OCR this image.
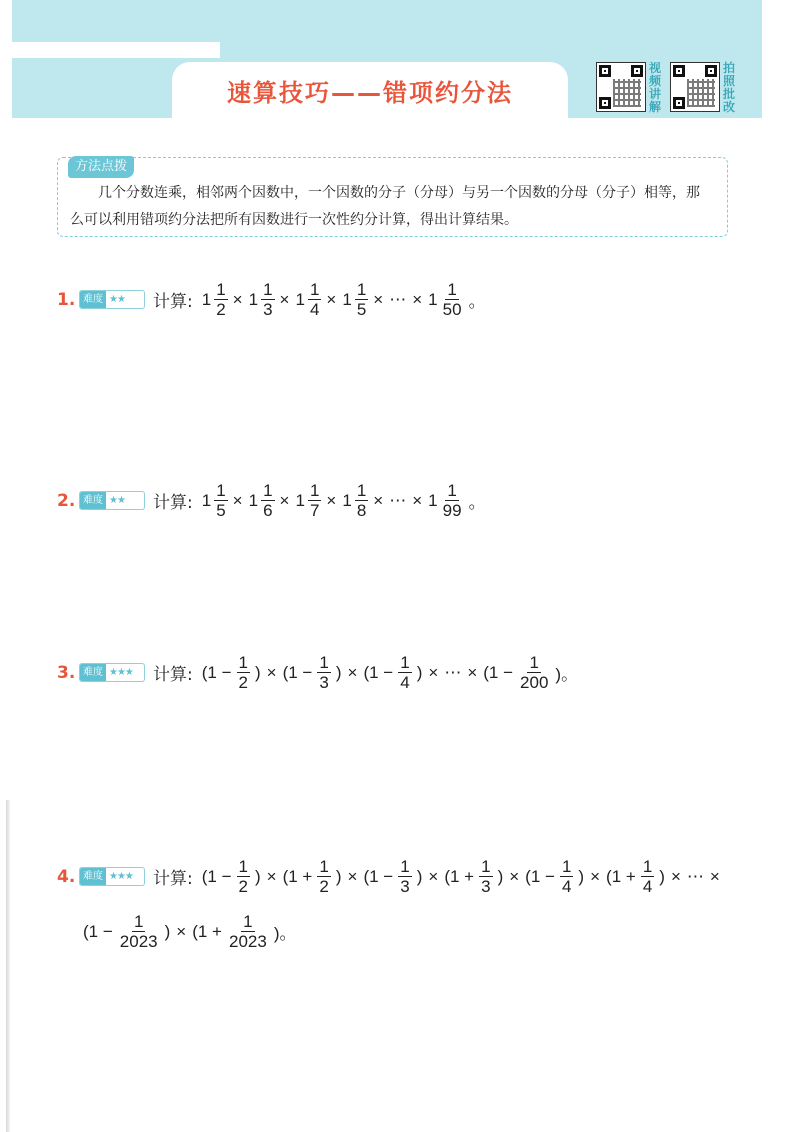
速算技巧——错项约分法
视频讲解
拍照批改
方法点拨
几个分数连乘，相邻两个因数中，一个因数的分子（分母）与另一个因数的分母（分子）相等，那么可以利用错项约分法把所有因数进行一次性约分计算，得出计算结果。
1. 难度 ★★	计算: $1 \frac{1}{2} \times 1 \frac{1}{3} \times 1 \frac{1}{4} \times 1 \frac{1}{5}$ × ⋯ × $1 \frac{1}{50}$ 。
2. 难度 ★★	计算: $1 \frac{1}{5} \times 1 \frac{1}{6} \times 1 \frac{1}{7} \times 1 \frac{1}{8}$ × ⋯ × $1 \frac{1}{99}$ 。
3. 难度 ★★★	计算: ($1 - \frac{1}{2}$ ) × ($1 - \frac{1}{3}$ ) × ($1 - \frac{1}{4}$ ) × ⋯ × ($1 - \frac{1}{200}$ )。
4. 难度 ★★★	计算: ($1 - \frac{1}{2}$ ) × ($1 + \frac{1}{2}$ ) × ($1 - \frac{1}{3}$ ) × ($1 + \frac{1}{3}$ ) × ($1 - \frac{1}{4}$ ) × ($1 + \frac{1}{4}$ ) × ⋯ ×
($1 - \frac{1}{2023}$ ) × ($1 + \frac{1}{2023}$ )。
